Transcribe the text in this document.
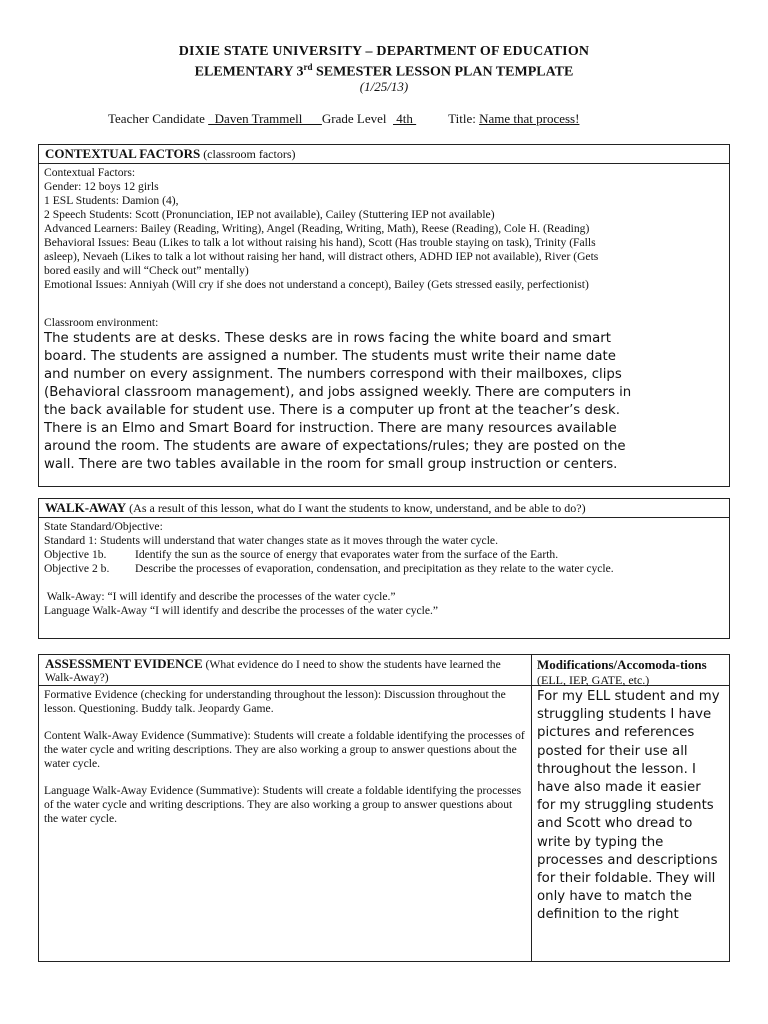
DIXIE STATE UNIVERSITY – DEPARTMENT OF EDUCATION
ELEMENTARY 3rd SEMESTER LESSON PLAN TEMPLATE
(1/25/13)
Teacher Candidate   Daven Trammell      Grade Level   4th Title: Name that process!
CONTEXTUAL FACTORS (classroom factors)
Contextual Factors:
Gender: 12 boys 12 girls
1 ESL Students: Damion (4),
2 Speech Students: Scott (Pronunciation, IEP not available), Cailey (Stuttering IEP not available)
Advanced Learners: Bailey (Reading, Writing), Angel (Reading, Writing, Math), Reese (Reading), Cole H. (Reading)
Behavioral Issues: Beau (Likes to talk a lot without raising his hand), Scott (Has trouble staying on task), Trinity (Falls
asleep), Nevaeh (Likes to talk a lot without raising her hand, will distract others, ADHD IEP not available), River (Gets
bored easily and will “Check out” mentally)
Emotional Issues: Anniyah (Will cry if she does not understand a concept), Bailey (Gets stressed easily, perfectionist)
Classroom environment:
The students are at desks. These desks are in rows facing the white board and smart
board. The students are assigned a number. The students must write their name date
and number on every assignment. The numbers correspond with their mailboxes, clips
(Behavioral classroom management), and jobs assigned weekly. There are computers in
the back available for student use. There is a computer up front at the teacher’s desk.
There is an Elmo and Smart Board for instruction. There are many resources available
around the room. The students are aware of expectations/rules; they are posted on the
wall. There are two tables available in the room for small group instruction or centers.
WALK-AWAY (As a result of this lesson, what do I want the students to know, understand, and be able to do?)
State Standard/Objective:
Standard 1: Students will understand that water changes state as it moves through the water cycle.
Objective 1b.	Identify the sun as the source of energy that evaporates water from the surface of the Earth.
Objective 2 b.	Describe the processes of evaporation, condensation, and precipitation as they relate to the water cycle.
Walk-Away: “I will identify and describe the processes of the water cycle.”
Language Walk-Away “I will identify and describe the processes of the water cycle.”
ASSESSMENT EVIDENCE (What evidence do I need to show the students have learned the Walk-Away?)

Formative Evidence (checking for understanding throughout the lesson): Discussion throughout the lesson. Questioning. Buddy talk. Jeopardy Game.

Content Walk-Away Evidence (Summative): Students will create a foldable identifying the processes of the water cycle and writing descriptions. They are also working a group to answer questions about the water cycle.

Language Walk-Away Evidence (Summative): Students will create a foldable identifying the processes of the water cycle and writing descriptions. They are also working a group to answer questions about the water cycle.

Modifications/Accomoda-tions (ELL, IEP, GATE, etc.)
For my ELL student and my struggling students I have pictures and references posted for their use all throughout the lesson. I have also made it easier for my struggling students and Scott who dread to write by typing the processes and descriptions for their foldable. They will only have to match the definition to the right
